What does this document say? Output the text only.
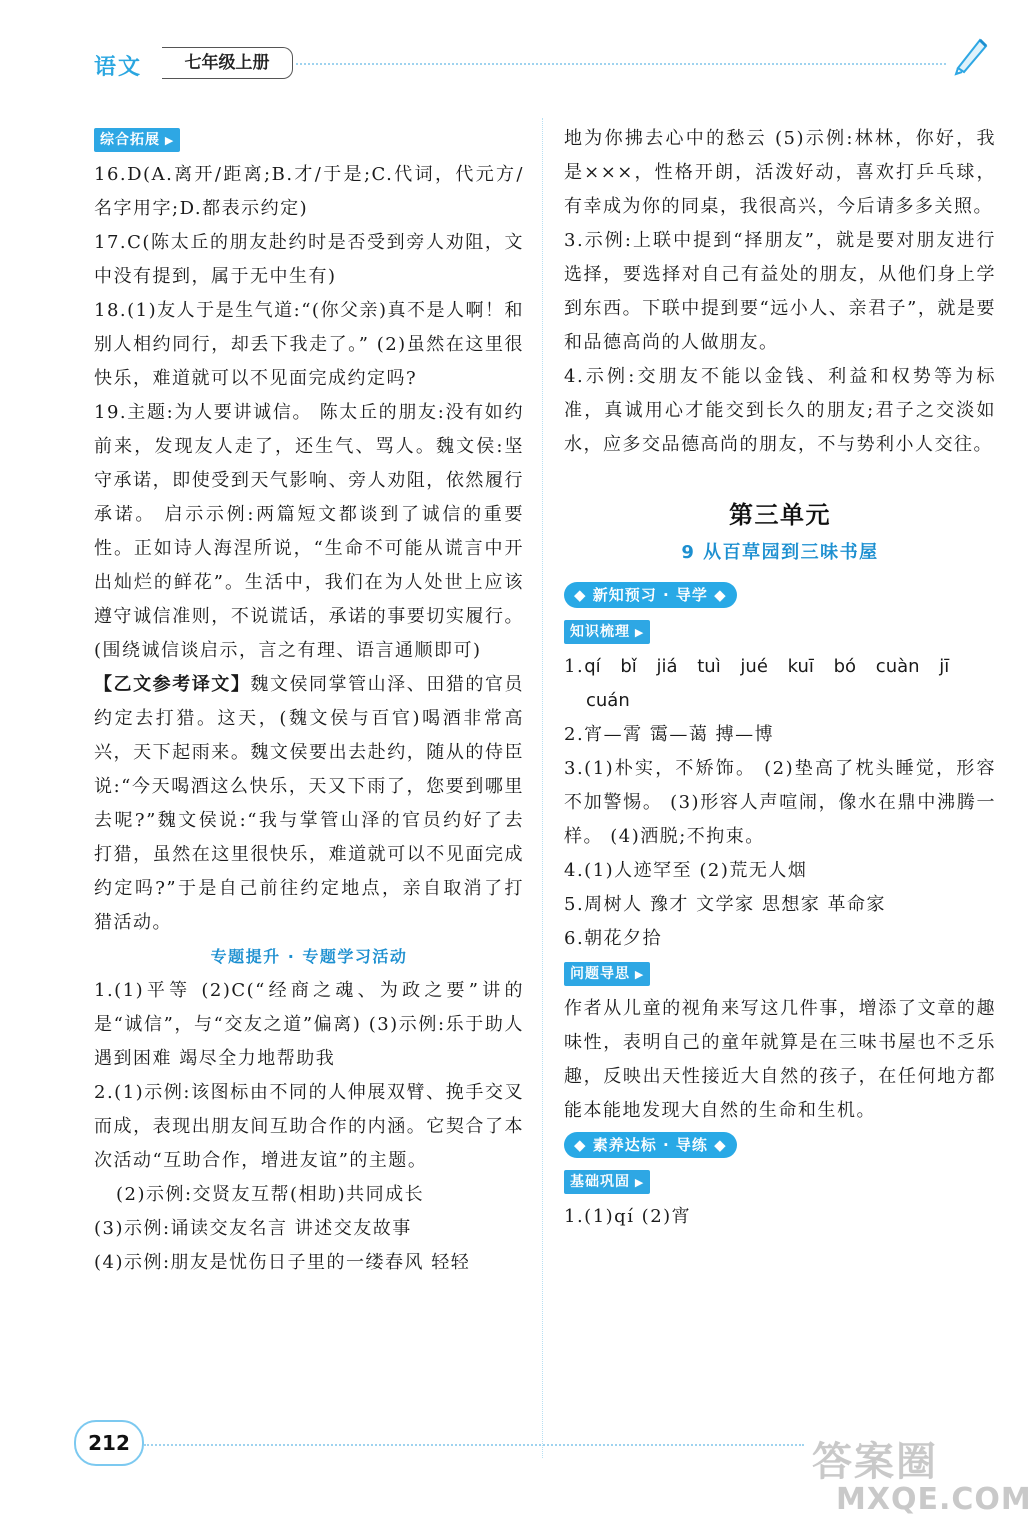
语文	七年级上册
综合拓展 ▶

16.D(A.离开/距离;B.才/于是;C.代词，代元方/名字用字;D.都表示约定)

17.C(陈太丘的朋友赴约时是否受到旁人劝阻，文中没有提到，属于无中生有)

18.(1)友人于是生气道:“(你父亲)真不是人啊！和别人相约同行，却丢下我走了。” (2)虽然在这里很快乐，难道就可以不见面完成约定吗?

19.主题:为人要讲诚信。 陈太丘的朋友:没有如约前来，发现友人走了，还生气、骂人。魏文侯:坚守承诺，即使受到天气影响、旁人劝阻，依然履行承诺。 启示示例:两篇短文都谈到了诚信的重要性。正如诗人海涅所说，“生命不可能从谎言中开出灿烂的鲜花”。生活中，我们在为人处世上应该遵守诚信准则，不说谎话，承诺的事要切实履行。(围绕诚信谈启示，言之有理、语言通顺即可)

【乙文参考译文】魏文侯同掌管山泽、田猎的官员约定去打猎。这天，(魏文侯与百官)喝酒非常高兴，天下起雨来。魏文侯要出去赴约，随从的侍臣说:“今天喝酒这么快乐，天又下雨了，您要到哪里去呢?”魏文侯说:“我与掌管山泽的官员约好了去打猎，虽然在这里很快乐，难道就可以不见面完成约定吗?”于是自己前往约定地点，亲自取消了打猎活动。

专题提升 · 专题学习活动

1.(1)平等 (2)C(“经商之魂、为政之要”讲的是“诚信”，与“交友之道”偏离) (3)示例:乐于助人 遇到困难 竭尽全力地帮助我

2.(1)示例:该图标由不同的人伸展双臂、挽手交叉而成，表现出朋友间互助合作的内涵。它契合了本次活动“互助合作，增进友谊”的主题。

(2)示例:交贤友互帮(相助)共同成长

(3)示例:诵读交友名言 讲述交友故事

(4)示例:朋友是忧伤日子里的一缕春风 轻轻

地为你拂去心中的愁云 (5)示例:林林，你好，我是×××，性格开朗，活泼好动，喜欢打乒乓球，有幸成为你的同桌，我很高兴，今后请多多关照。

3.示例:上联中提到“择朋友”，就是要对朋友进行选择，要选择对自己有益处的朋友，从他们身上学到东西。下联中提到要“远小人、亲君子”，就是要和品德高尚的人做朋友。

4.示例:交朋友不能以金钱、利益和权势等为标准，真诚用心才能交到长久的朋友;君子之交淡如水，应多交品德高尚的朋友，不与势利小人交往。

第三单元
9 从百草园到三味书屋
◆ 新知预习 · 导学 ◆
知识梳理 ▶

1.qí bǐ jiá tuì jué kuī bó cuàn jī

cuán

2.宵—霄 霭—蔼 搏—博

3.(1)朴实，不矫饰。 (2)垫高了枕头睡觉，形容不加警惕。 (3)形容人声喧闹，像水在鼎中沸腾一样。 (4)洒脱;不拘束。

4.(1)人迹罕至 (2)荒无人烟

5.周树人 豫才 文学家 思想家 革命家

6.朝花夕拾

问题导思 ▶

作者从儿童的视角来写这几件事，增添了文章的趣味性，表明自己的童年就算是在三味书屋也不乏乐趣，反映出天性接近大自然的孩子，在任何地方都能本能地发现大自然的生命和生机。

◆ 素养达标 · 导练 ◆
基础巩固 ▶

1.(1)qí (2)宵

212	答案圈
MXQE.COM
